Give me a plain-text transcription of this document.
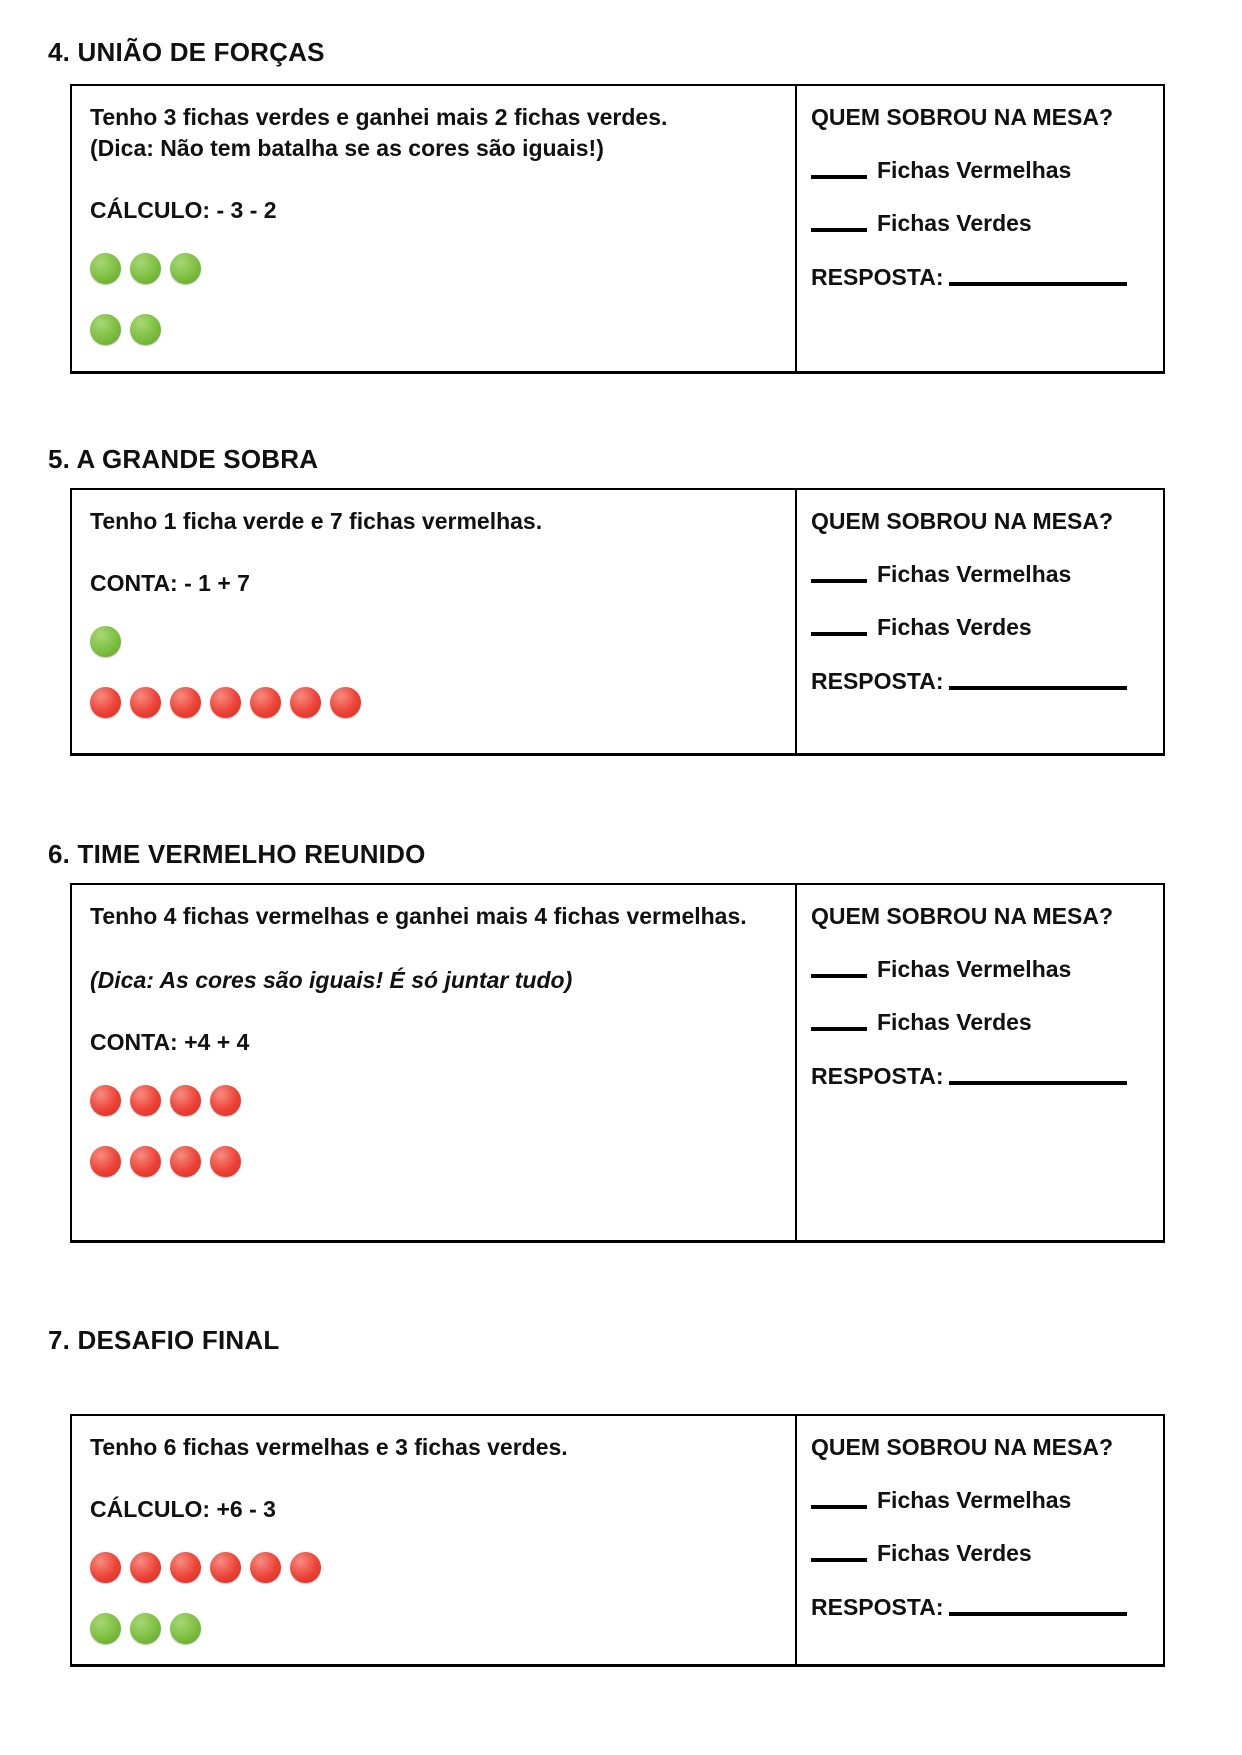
4. UNIÃO DE FORÇAS

Tenho 3 fichas verdes e ganhei mais 2 fichas verdes.

(Dica: Não tem batalha se as cores são iguais!)

CÁLCULO: - 3 - 2

QUEM SOBROU NA MESA?

Fichas Vermelhas

Fichas Verdes

RESPOSTA:

5. A GRANDE SOBRA

Tenho 1 ficha verde e 7 fichas vermelhas.

CONTA: - 1 + 7

QUEM SOBROU NA MESA?

Fichas Vermelhas

Fichas Verdes

RESPOSTA:

6. TIME VERMELHO REUNIDO

Tenho 4 fichas vermelhas e ganhei mais 4 fichas vermelhas.

(Dica: As cores são iguais! É só juntar tudo)

CONTA: +4 + 4

QUEM SOBROU NA MESA?

Fichas Vermelhas

Fichas Verdes

RESPOSTA:

7. DESAFIO FINAL

Tenho 6 fichas vermelhas e 3 fichas verdes.

CÁLCULO: +6 - 3

QUEM SOBROU NA MESA?

Fichas Vermelhas

Fichas Verdes

RESPOSTA:
